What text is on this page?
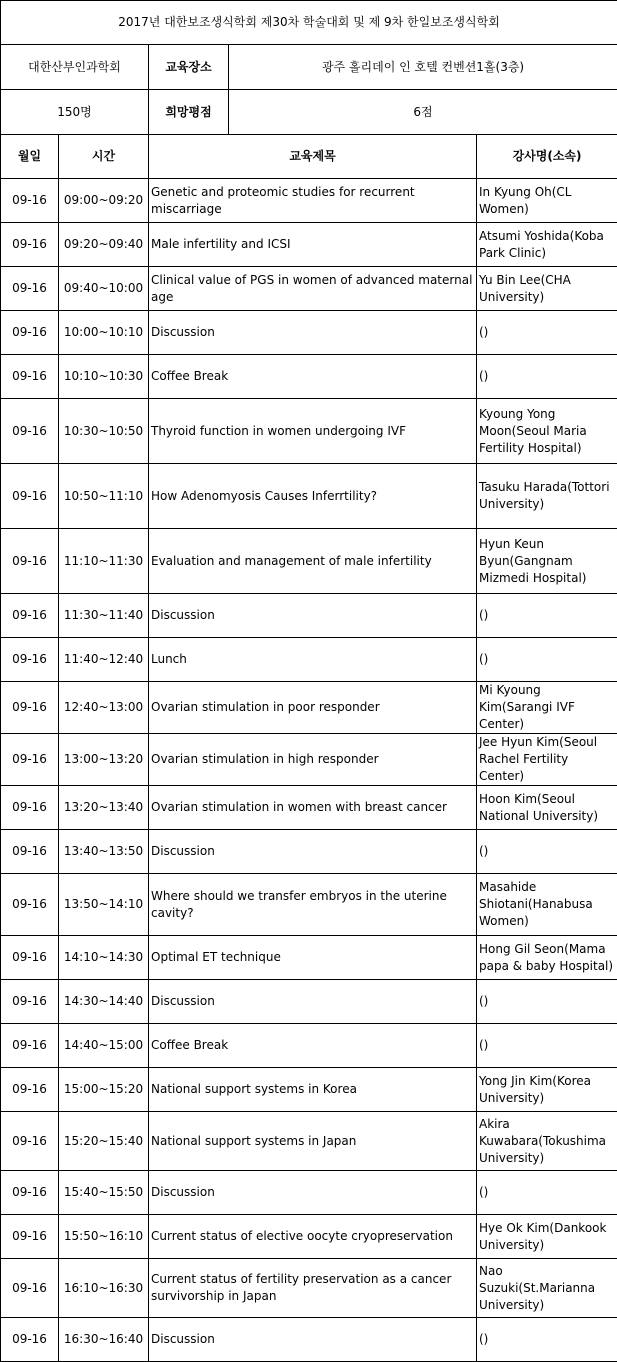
2017년 대한보조생식학회 제30차 학술대회 및 제 9차 한일보조생식학회				
대한산부인과학회		교육장소	광주 홀리데이 인 호텔 컨벤션1홀(3층)	
150명		희망평점	6점	
월일	시간	교육제목		강사명(소속)
09-16	09:00~09:20	Genetic and proteomic studies for recurrent miscarriage		In Kyung Oh(CL Women)
09-16	09:20~09:40	Male infertility and ICSI		Atsumi Yoshida(Koba Park Clinic)
09-16	09:40~10:00	Clinical value of PGS in women of advanced maternal age		Yu Bin Lee(CHA University)
09-16	10:00~10:10	Discussion		()
09-16	10:10~10:30	Coffee Break		()
09-16	10:30~10:50	Thyroid function in women undergoing IVF		Kyoung Yong Moon(Seoul Maria Fertility Hospital)
09-16	10:50~11:10	How Adenomyosis Causes Inferrtility?		Tasuku Harada(Tottori University)
09-16	11:10~11:30	Evaluation and management of male infertility		Hyun Keun Byun(Gangnam Mizmedi Hospital)
09-16	11:30~11:40	Discussion		()
09-16	11:40~12:40	Lunch		()
09-16	12:40~13:00	Ovarian stimulation in poor responder		Mi Kyoung Kim(Sarangi IVF Center)
09-16	13:00~13:20	Ovarian stimulation in high responder		Jee Hyun Kim(Seoul Rachel Fertility Center)
09-16	13:20~13:40	Ovarian stimulation in women with breast cancer		Hoon Kim(Seoul National University)
09-16	13:40~13:50	Discussion		()
09-16	13:50~14:10	Where should we transfer embryos in the uterine cavity?		Masahide Shiotani(Hanabusa Women)
09-16	14:10~14:30	Optimal ET technique		Hong Gil Seon(Mama papa & baby Hospital)
09-16	14:30~14:40	Discussion		()
09-16	14:40~15:00	Coffee Break		()
09-16	15:00~15:20	National support systems in Korea		Yong Jin Kim(Korea University)
09-16	15:20~15:40	National support systems in Japan		Akira Kuwabara(Tokushima University)
09-16	15:40~15:50	Discussion		()
09-16	15:50~16:10	Current status of elective oocyte cryopreservation		Hye Ok Kim(Dankook University)
09-16	16:10~16:30	Current status of fertility preservation as a cancer survivorship in Japan		Nao Suzuki(St.Marianna University)
09-16	16:30~16:40	Discussion		()
